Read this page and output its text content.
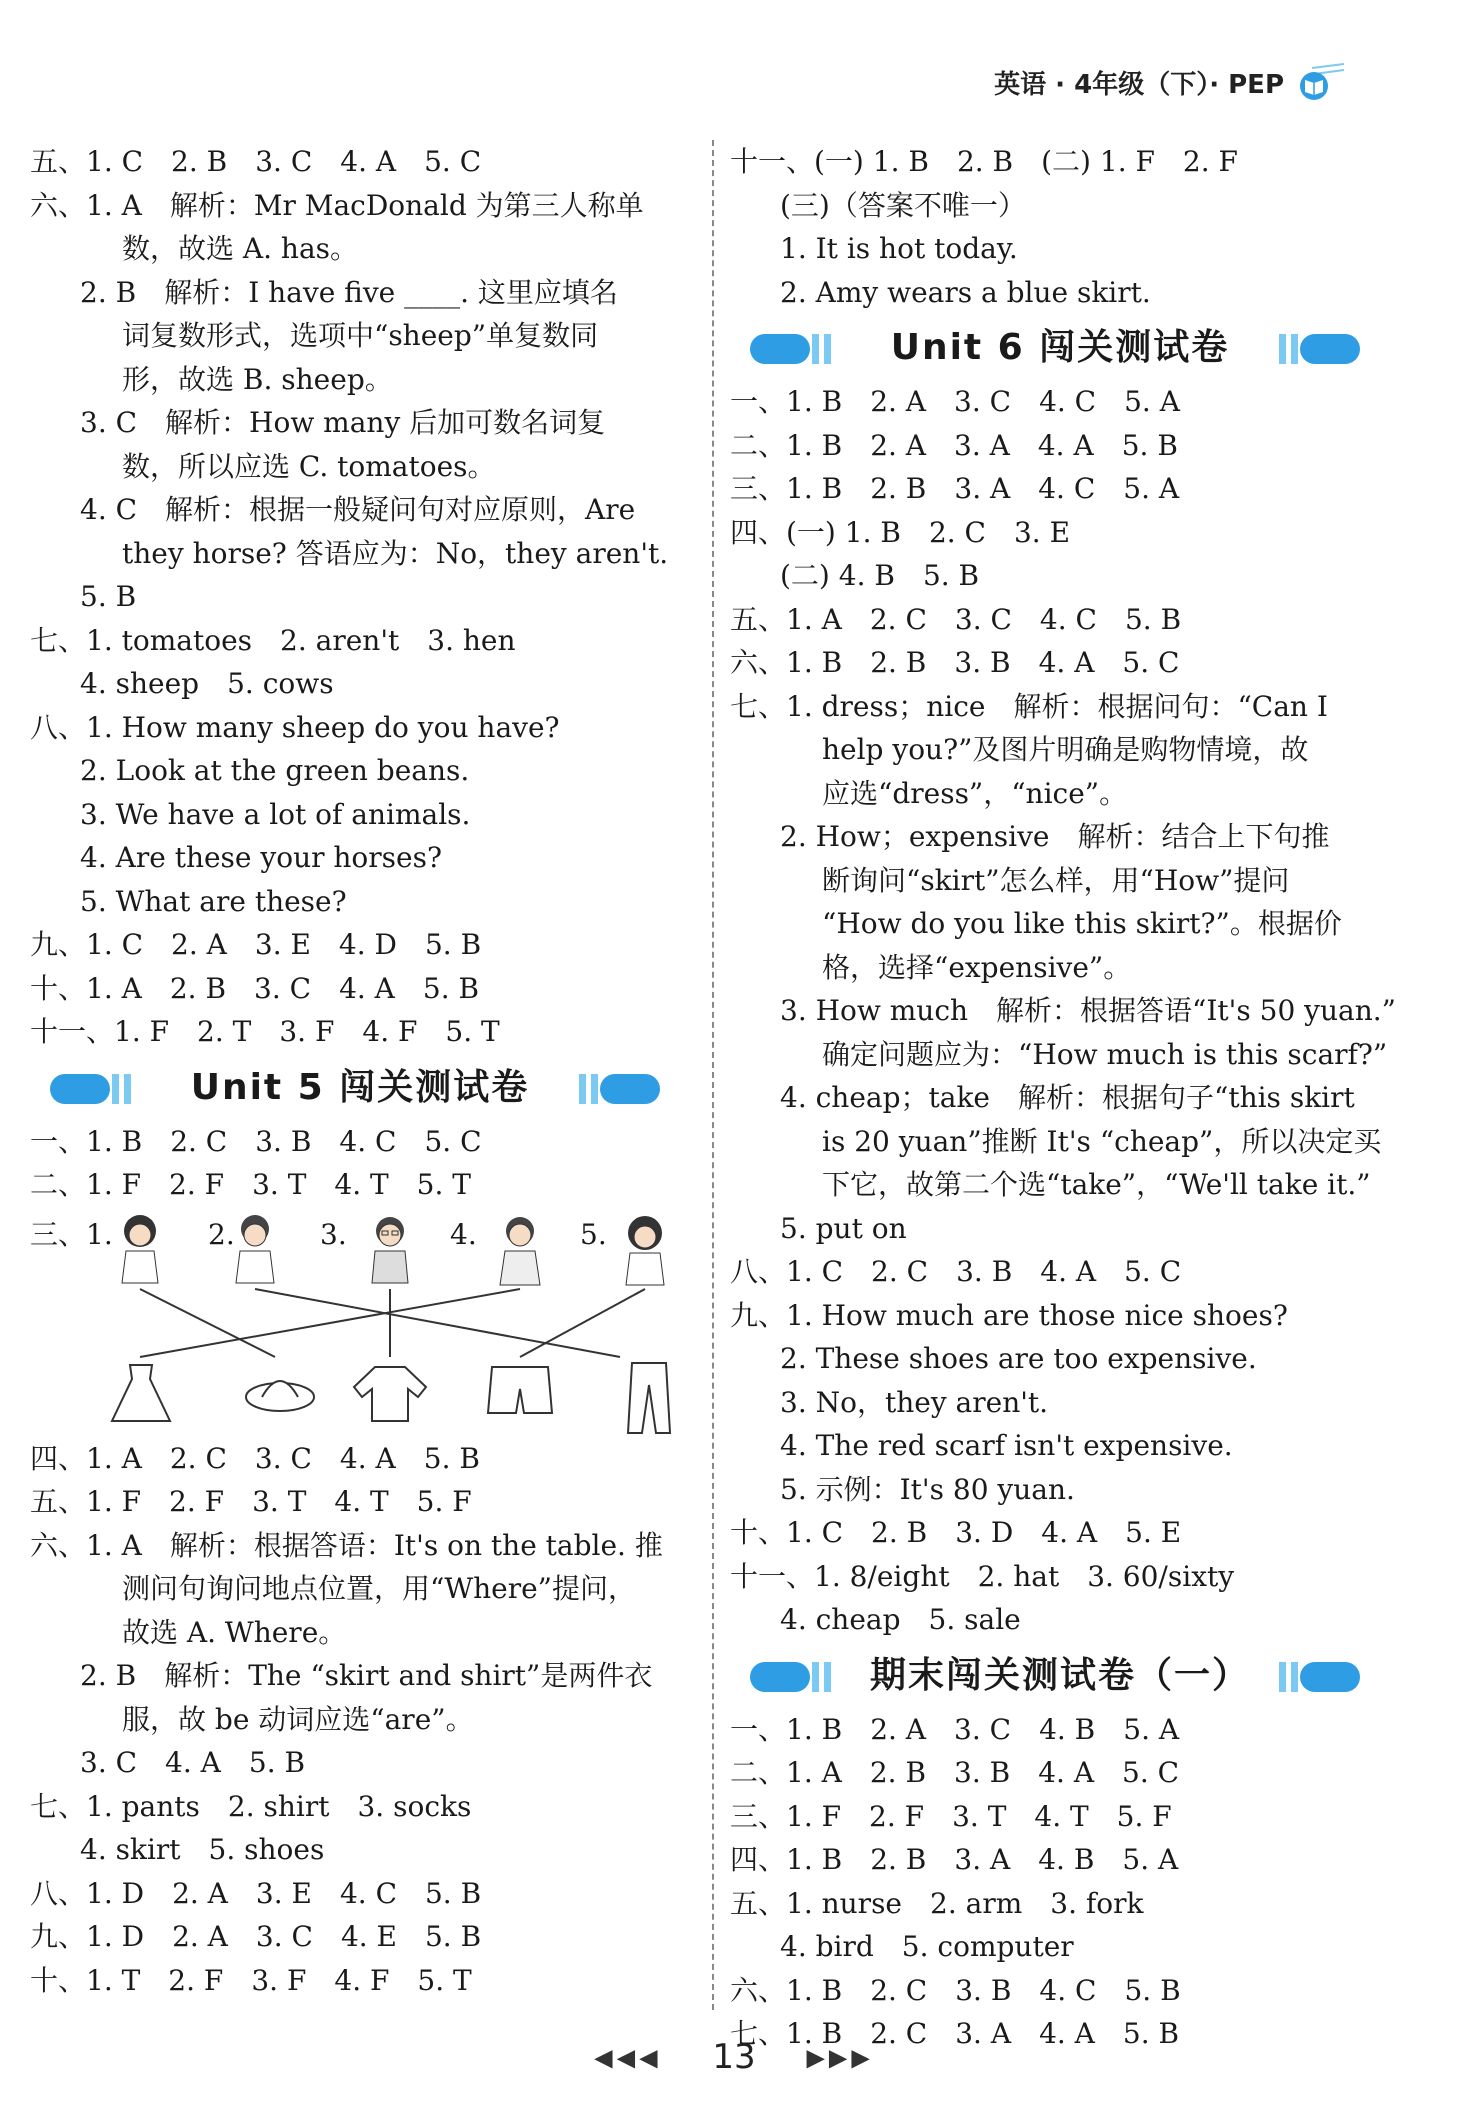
英语 · 4年级（下）· PEP
五、1. C　2. B　3. C　4. A　5. C
六、1. A　解析：Mr MacDonald 为第三人称单
数，故选 A. has。
2. B　解析：I have five ____. 这里应填名
词复数形式，选项中“sheep”单复数同
形，故选 B. sheep。
3. C　解析：How many 后加可数名词复
数，所以应选 C. tomatoes。
4. C　解析：根据一般疑问句对应原则，Are
they horse? 答语应为：No，they aren't.
5. B
七、1. tomatoes　2. aren't　3. hen
4. sheep　5. cows
八、1. How many sheep do you have?
2. Look at the green beans.
3. We have a lot of animals.
4. Are these your horses?
5. What are these?
九、1. C　2. A　3. E　4. D　5. B
十、1. A　2. B　3. C　4. A　5. B
十一、1. F　2. T　3. F　4. F　5. T
Unit 5 闯关测试卷
一、1. B　2. C　3. B　4. C　5. C
二、1. F　2. F　3. T　4. T　5. T
三、1.	2.	3.	4.	5.
四、1. A　2. C　3. C　4. A　5. B
五、1. F　2. F　3. T　4. T　5. F
六、1. A　解析：根据答语：It's on the table. 推
测问句询问地点位置，用“Where”提问，
故选 A. Where。
2. B　解析：The “skirt and shirt”是两件衣
服，故 be 动词应选“are”。
3. C　4. A　5. B
七、1. pants　2. shirt　3. socks
4. skirt　5. shoes
八、1. D　2. A　3. E　4. C　5. B
九、1. D　2. A　3. C　4. E　5. B
十、1. T　2. F　3. F　4. F　5. T
十一、(一) 1. B　2. B　(二) 1. F　2. F
(三)（答案不唯一）
1. It is hot today.
2. Amy wears a blue skirt.
Unit 6 闯关测试卷
一、1. B　2. A　3. C　4. C　5. A
二、1. B　2. A　3. A　4. A　5. B
三、1. B　2. B　3. A　4. C　5. A
四、(一) 1. B　2. C　3. E
(二) 4. B　5. B
五、1. A　2. C　3. C　4. C　5. B
六、1. B　2. B　3. B　4. A　5. C
七、1. dress；nice　解析：根据问句：“Can I
help you?”及图片明确是购物情境，故
应选“dress”，“nice”。
2. How；expensive　解析：结合上下句推
断询问“skirt”怎么样，用“How”提问
“How do you like this skirt?”。根据价
格，选择“expensive”。
3. How much　解析：根据答语“It's 50 yuan.”
确定问题应为：“How much is this scarf?”
4. cheap；take　解析：根据句子“this skirt
is 20 yuan”推断 It's “cheap”，所以决定买
下它，故第二个选“take”，“We'll take it.”
5. put on
八、1. C　2. C　3. B　4. A　5. C
九、1. How much are those nice shoes?
2. These shoes are too expensive.
3. No，they aren't.
4. The red scarf isn't expensive.
5. 示例：It's 80 yuan.
十、1. C　2. B　3. D　4. A　5. E
十一、1. 8/eight　2. hat　3. 60/sixty
4. cheap　5. sale
期末闯关测试卷（一）
一、1. B　2. A　3. C　4. B　5. A
二、1. A　2. B　3. B　4. A　5. C
三、1. F　2. F　3. T　4. T　5. F
四、1. B　2. B　3. A　4. B　5. A
五、1. nurse　2. arm　3. fork
4. bird　5. computer
六、1. B　2. C　3. B　4. C　5. B
七、1. B　2. C　3. A　4. A　5. B
◀◀◀ 13 ▶▶▶
